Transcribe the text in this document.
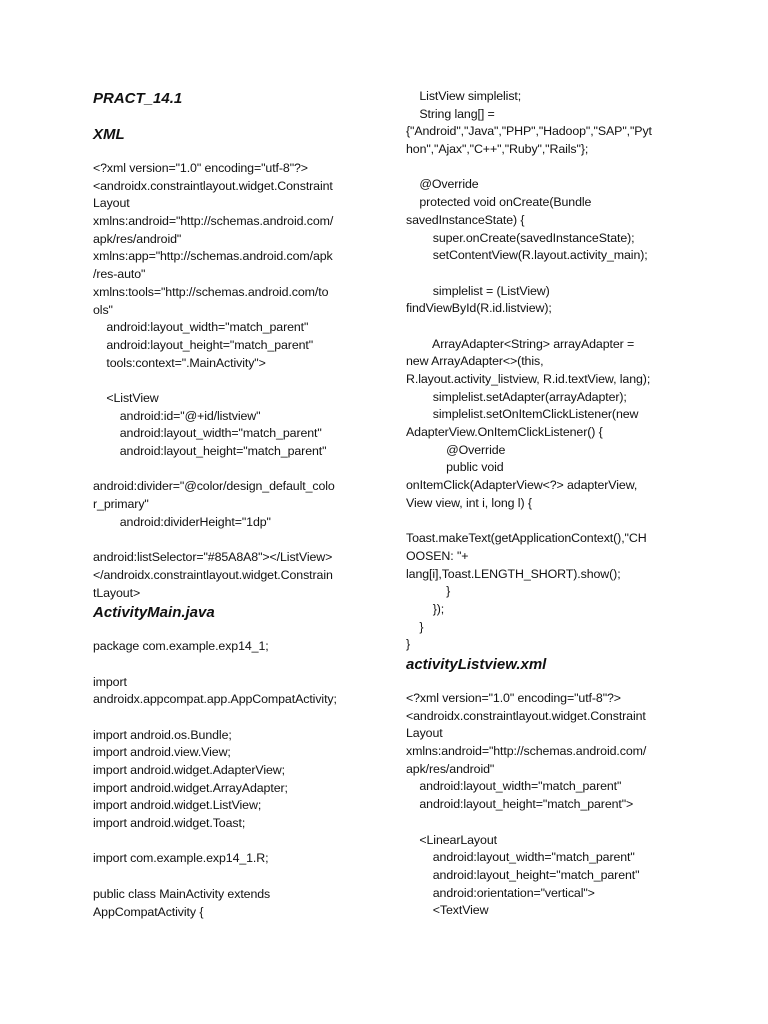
PRACT_14.1
XML
<?xml version="1.0" encoding="utf-8"?>
<androidx.constraintlayout.widget.Constraint
Layout
xmlns:android="http://schemas.android.com/
apk/res/android"
xmlns:app="http://schemas.android.com/apk
/res-auto"
xmlns:tools="http://schemas.android.com/to
ols"
android:layout_width="match_parent"
android:layout_height="match_parent"
tools:context=".MainActivity">
<ListView
android:id="@+id/listview"
android:layout_width="match_parent"
android:layout_height="match_parent"
android:divider="@color/design_default_colo
r_primary"
android:dividerHeight="1dp"
android:listSelector="#85A8A8"></ListView>
</androidx.constraintlayout.widget.Constrain
tLayout>
ActivityMain.java
package com.example.exp14_1;
import
androidx.appcompat.app.AppCompatActivity;
import android.os.Bundle;
import android.view.View;
import android.widget.AdapterView;
import android.widget.ArrayAdapter;
import android.widget.ListView;
import android.widget.Toast;
import com.example.exp14_1.R;
public class MainActivity extends
AppCompatActivity {
ListView simplelist;
String lang[] =
{"Android","Java","PHP","Hadoop","SAP","Pyt
hon","Ajax","C++","Ruby","Rails"};
@Override
protected void onCreate(Bundle
savedInstanceState) {
super.onCreate(savedInstanceState);
setContentView(R.layout.activity_main);
simplelist = (ListView)
findViewById(R.id.listview);
ArrayAdapter<String> arrayAdapter =
new ArrayAdapter<>(this,
R.layout.activity_listview, R.id.textView, lang);
simplelist.setAdapter(arrayAdapter);
simplelist.setOnItemClickListener(new
AdapterView.OnItemClickListener() {
@Override
public void
onItemClick(AdapterView<?> adapterView,
View view, int i, long l) {
Toast.makeText(getApplicationContext(),"CH
OOSEN: "+
lang[i],Toast.LENGTH_SHORT).show();
}
});
}
}
activityListview.xml
<?xml version="1.0" encoding="utf-8"?>
<androidx.constraintlayout.widget.Constraint
Layout
xmlns:android="http://schemas.android.com/
apk/res/android"
android:layout_width="match_parent"
android:layout_height="match_parent">
<LinearLayout
android:layout_width="match_parent"
android:layout_height="match_parent"
android:orientation="vertical">
<TextView
